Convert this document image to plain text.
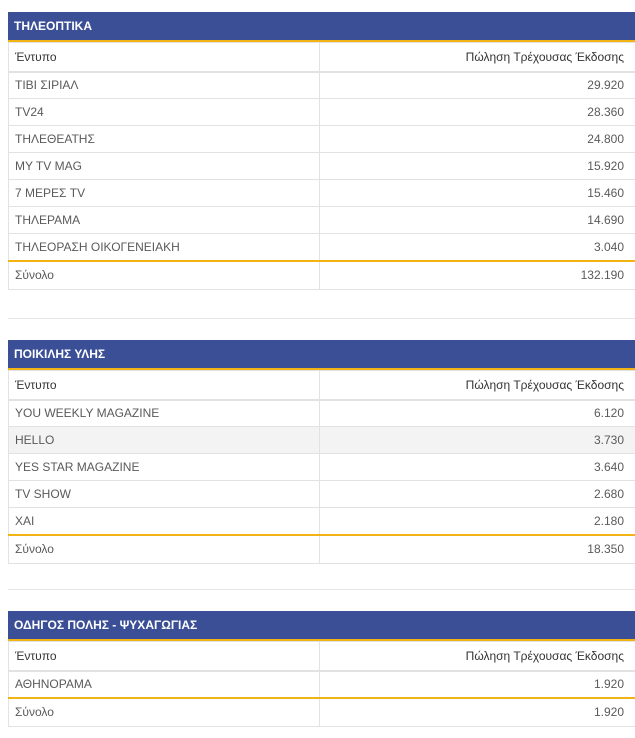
ΤΗΛΕΟΠΤΙΚΑ
Έντυπο	Πώληση Τρέχουσας Έκδοσης
ΤΙΒΙ ΣΙΡΙΑΛ	29.920
TV24	28.360
ΤΗΛΕΘΕΑΤΗΣ	24.800
MY TV MAG	15.920
7 ΜΕΡΕΣ TV	15.460
ΤΗΛΕΡΑΜΑ	14.690
ΤΗΛΕΟΡΑΣΗ ΟΙΚΟΓΕΝΕΙΑΚΗ	3.040
Σύνολο	132.190
ΠΟΙΚΙΛΗΣ ΥΛΗΣ
Έντυπο	Πώληση Τρέχουσας Έκδοσης
YOU WEEKLY MAGAZINE	6.120
HELLO	3.730
YES STAR MAGAZINE	3.640
TV SHOW	2.680
ΧΑΙ	2.180
Σύνολο	18.350
ΟΔΗΓΟΣ ΠΟΛΗΣ - ΨΥΧΑΓΩΓΙΑΣ
Έντυπο	Πώληση Τρέχουσας Έκδοσης
ΑΘΗΝΟΡΑΜΑ	1.920
Σύνολο	1.920
